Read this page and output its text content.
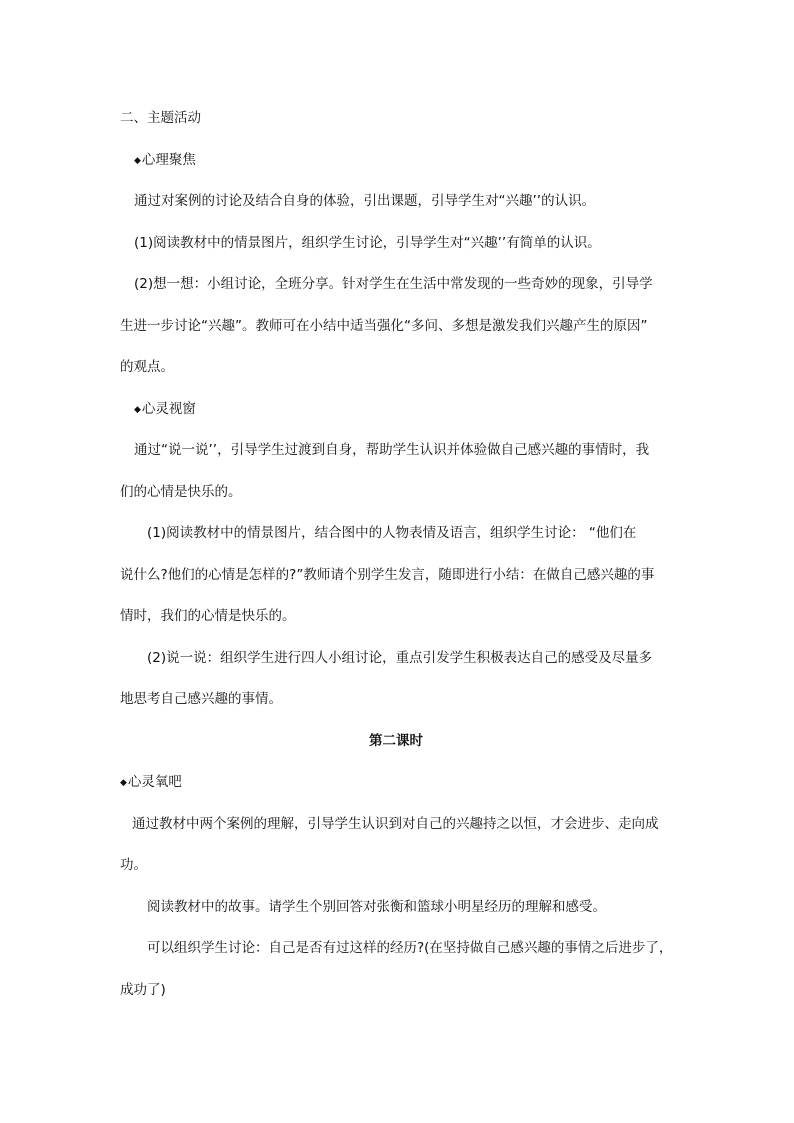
二、主题活动
◆心理聚焦
通过对案例的讨论及结合自身的体验，引出课题，引导学生对“兴趣’’的认识。
(1)阅读教材中的情景图片，组织学生讨论，引导学生对“兴趣’’有简单的认识。
(2)想一想：小组讨论，全班分享。针对学生在生活中常发现的一些奇妙的现象，引导学
生进一步讨论“兴趣”。教师可在小结中适当强化“多问、多想是激发我们兴趣产生的原因”
的观点。
◆心灵视窗
通过“说一说’’，引导学生过渡到自身，帮助学生认识并体验做自己感兴趣的事情时，我
们的心情是快乐的。
(1)阅读教材中的情景图片，结合图中的人物表情及语言，组织学生讨论： “他们在
说什么?他们的心情是怎样的?”教师请个别学生发言，随即进行小结：在做自己感兴趣的事
情时，我们的心情是快乐的。
(2)说一说：组织学生进行四人小组讨论，重点引发学生积极表达自己的感受及尽量多
地思考自己感兴趣的事情。
第二课时
◆心灵氧吧
通过教材中两个案例的理解，引导学生认识到对自己的兴趣持之以恒，才会进步、走向成
功。
阅读教材中的故事。请学生个别回答对张衡和篮球小明星经历的理解和感受。
可以组织学生讨论：自己是否有过这样的经历?(在坚持做自己感兴趣的事情之后进步了，
成功了)
